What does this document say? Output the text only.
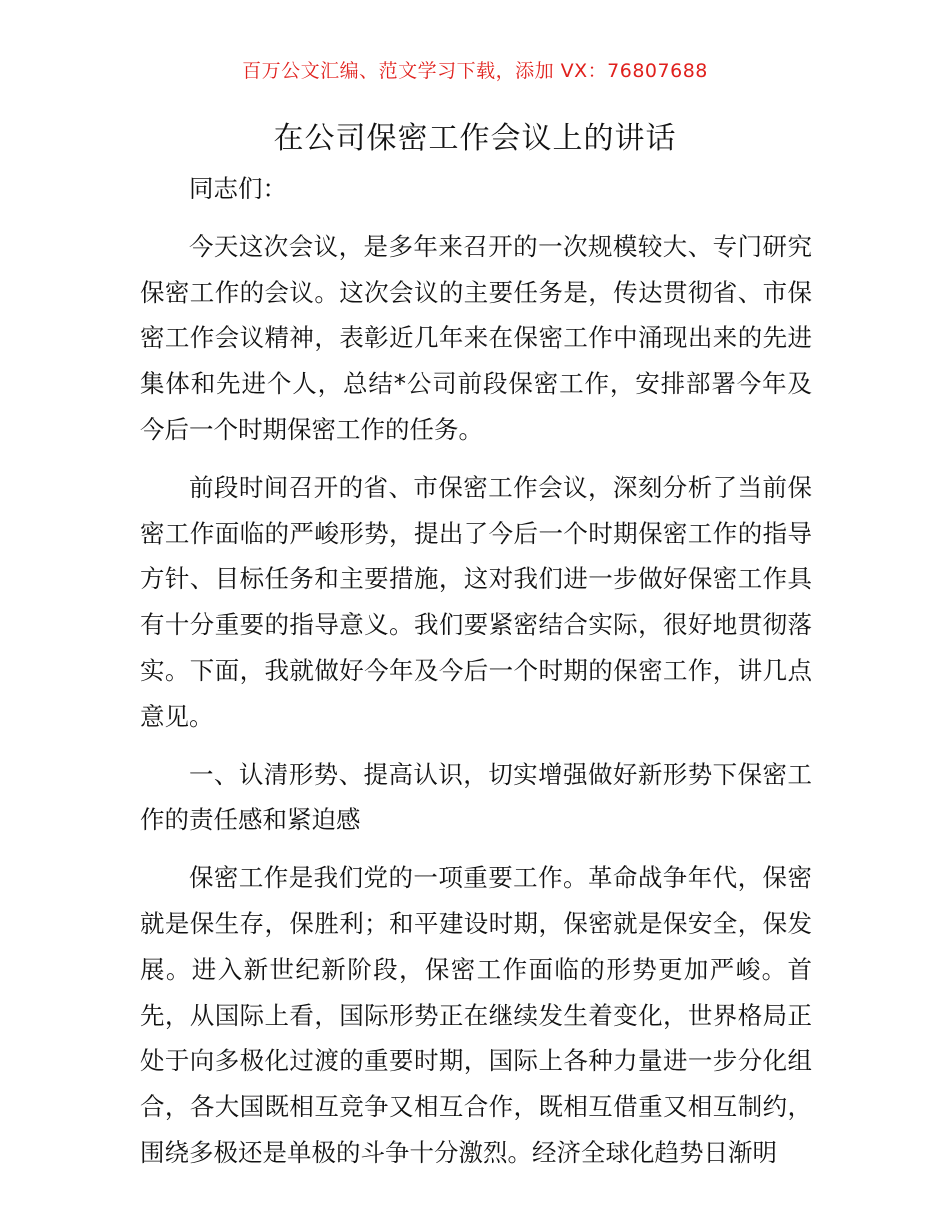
百万公文汇编、范文学习下载，添加 VX：76807688
在公司保密工作会议上的讲话

同志们：

今天这次会议，是多年来召开的一次规模较大、专门研究保密工作的会议。这次会议的主要任务是，传达贯彻省、市保密工作会议精神，表彰近几年来在保密工作中涌现出来的先进集体和先进个人，总结*公司前段保密工作，安排部署今年及今后一个时期保密工作的任务。

前段时间召开的省、市保密工作会议，深刻分析了当前保密工作面临的严峻形势，提出了今后一个时期保密工作的指导方针、目标任务和主要措施，这对我们进一步做好保密工作具有十分重要的指导意义。我们要紧密结合实际，很好地贯彻落实。下面，我就做好今年及今后一个时期的保密工作，讲几点意见。

一、认清形势、提高认识，切实增强做好新形势下保密工作的责任感和紧迫感

保密工作是我们党的一项重要工作。革命战争年代，保密就是保生存，保胜利；和平建设时期，保密就是保安全，保发展。进入新世纪新阶段，保密工作面临的形势更加严峻。首先，从国际上看，国际形势正在继续发生着变化，世界格局正处于向多极化过渡的重要时期，国际上各种力量进一步分化组合，各大国既相互竞争又相互合作，既相互借重又相互制约，围绕多极还是单极的斗争十分激烈。经济全球化趋势日渐明
